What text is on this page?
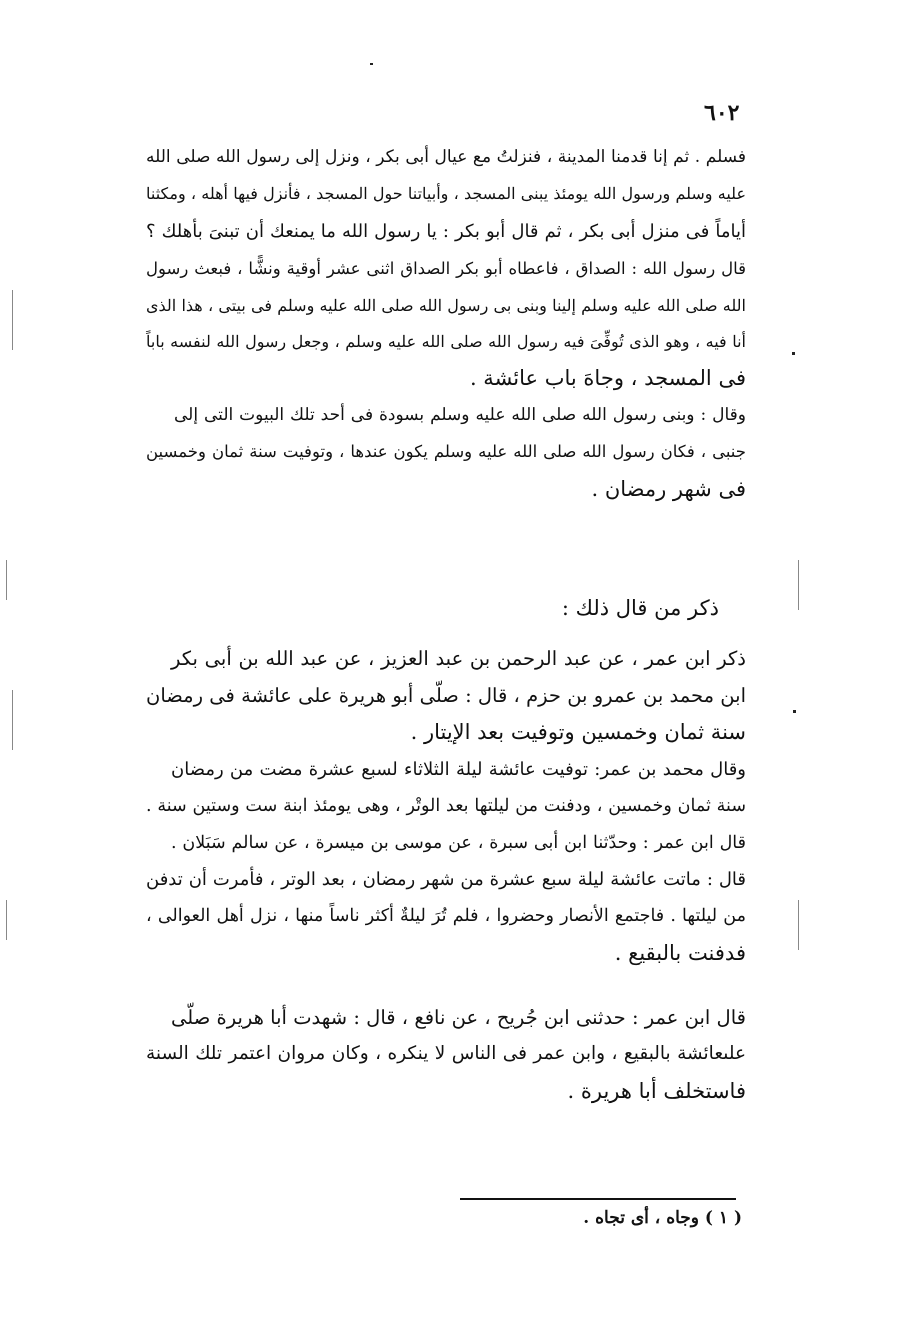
٦٠٢
فسلم . ثم إنا قدمنا المدينة ، فنزلتُ مع عيال أبى بكر ، ونزل إلى رسول الله صلى الله
عليه وسلم ورسول الله يومئذ يبنى المسجد ، وأبياتنا حول المسجد ، فأنزل فيها أهله ، ومكثنا
أياماً فى منزل أبى بكر ، ثم قال أبو بكر : يا رسول الله ما يمنعك أن تبنىَ بأهلك ؟
قال رسول الله : الصداق ، فاعطاه أبو بكر الصداق اثنى عشر أوقية ونشًّا ، فبعث رسول
الله صلى الله عليه وسلم إلينا وبنى بى رسول الله صلى الله عليه وسلم فى بيتى ، هذا الذى
أنا فيه ، وهو الذى تُوفِّىَ فيه رسول الله صلى الله عليه وسلم ، وجعل رسول الله لنفسه باباً
فى المسجد ، وجاهَ باب عائشة .
وقال : وبنى رسول الله صلى الله عليه وسلم بسودة فى أحد تلك البيوت التى إلى
جنبى ، فكان رسول الله صلى الله عليه وسلم يكون عندها ، وتوفيت سنة ثمان وخمسين
فى شهر رمضان .
ذكر من قال ذلك :
ذكر ابن عمر ، عن عبد الرحمن بن عبد العزيز ، عن عبد الله بن أبى بكر
ابن محمد بن عمرو بن حزم ، قال : صلّى أبو هريرة على عائشة فى رمضان
سنة ثمان وخمسين وتوفيت بعد الإيتار .
وقال محمد بن عمر: توفيت عائشة ليلة الثلاثاء لسبع عشرة مضت من رمضان
سنة ثمان وخمسين ، ودفنت من ليلتها بعد الوتْر ، وهى يومئذ ابنة ست وستين سنة .
قال ابن عمر : وحدّثنا ابن أبى سبرة ، عن موسى بن ميسرة ، عن سالم سَبَلان .
قال : ماتت عائشة ليلة سبع عشرة من شهر رمضان ، بعد الوتر ، فأمرت أن تدفن
من ليلتها . فاجتمع الأنصار وحضروا ، فلم تُرَ ليلةٌ أكثر ناساً منها ، نزل أهل العوالى ،
فدفنت بالبقيع .
قال ابن عمر : حدثنى ابن جُريح ، عن نافع ، قال : شهدت أبا هريرة صلّى
علىعائشة بالبقيع ، وابن عمر فى الناس لا ينكره ، وكان مروان اعتمر تلك السنة
فاستخلف أبا هريرة .
( ١ ) وجاه ، أى تجاه .
